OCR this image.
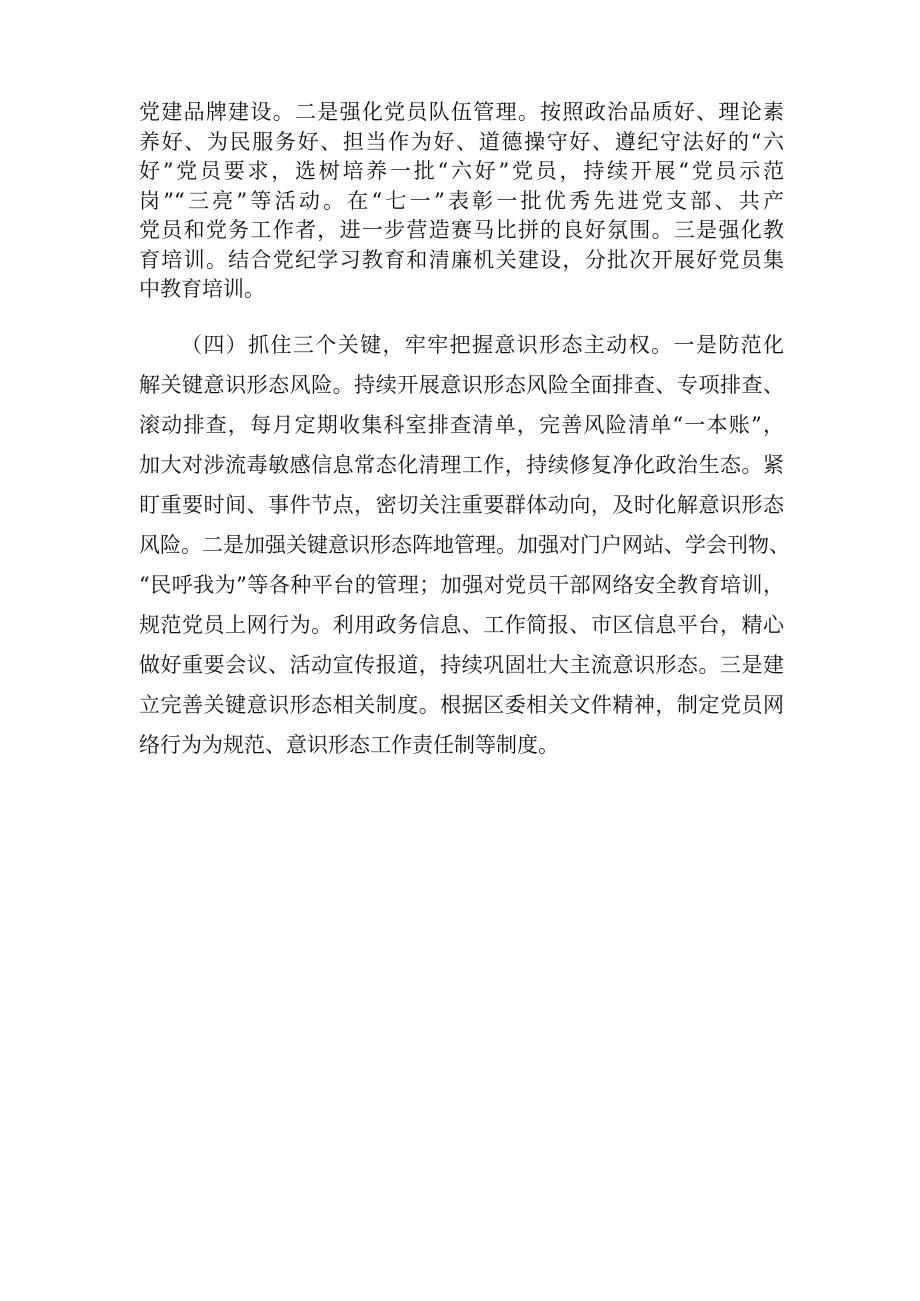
党建品牌建设。二是强化党员队伍管理。按照政治品质好、理论素
养好、为民服务好、担当作为好、道德操守好、遵纪守法好的“六
好”党员要求，选树培养一批“六好”党员，持续开展“党员示范
岗”“三亮”等活动。在“七一”表彰一批优秀先进党支部、共产
党员和党务工作者，进一步营造赛马比拼的良好氛围。三是强化教
育培训。结合党纪学习教育和清廉机关建设，分批次开展好党员集
中教育培训。
（四）抓住三个关键，牢牢把握意识形态主动权。一是防范化
解关键意识形态风险。持续开展意识形态风险全面排查、专项排查、
滚动排查，每月定期收集科室排查清单，完善风险清单“一本账”，
加大对涉流毒敏感信息常态化清理工作，持续修复净化政治生态。紧
盯重要时间、事件节点，密切关注重要群体动向，及时化解意识形态
风险。二是加强关键意识形态阵地管理。加强对门户网站、学会刊物、
“民呼我为”等各种平台的管理；加强对党员干部网络安全教育培训，
规范党员上网行为。利用政务信息、工作简报、市区信息平台，精心
做好重要会议、活动宣传报道，持续巩固壮大主流意识形态。三是建
立完善关键意识形态相关制度。根据区委相关文件精神，制定党员网
络行为为规范、意识形态工作责任制等制度。
